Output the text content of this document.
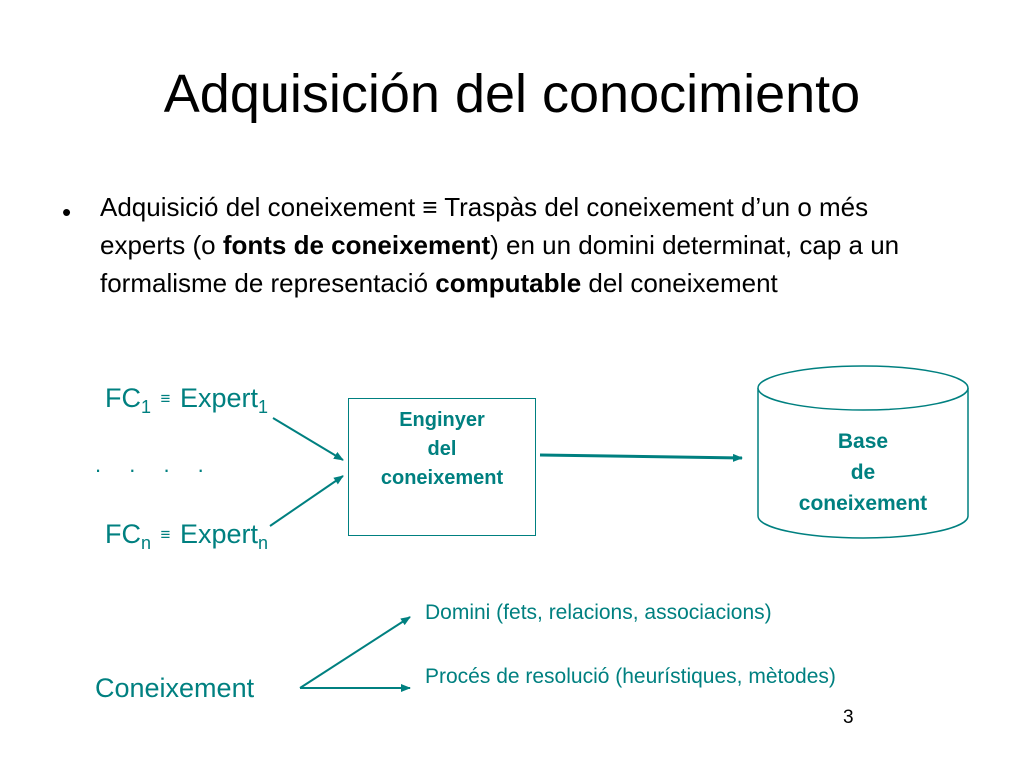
Adquisición del conocimiento
• Adquisició del coneixement ≡ Traspàs del coneixement d’un o més experts (o fonts de coneixement) en un domini determinat, cap a un formalisme de representació computable del coneixement
$FC_1$ ≡ Expert$_1$
. . . .
$FC_n$ ≡ Expert$_n$
Enginyer
del
coneixement
Base
de
coneixement
Domini (fets, relacions, associacions)
Procés de resolució (heurístiques, mètodes)
Coneixement
3
